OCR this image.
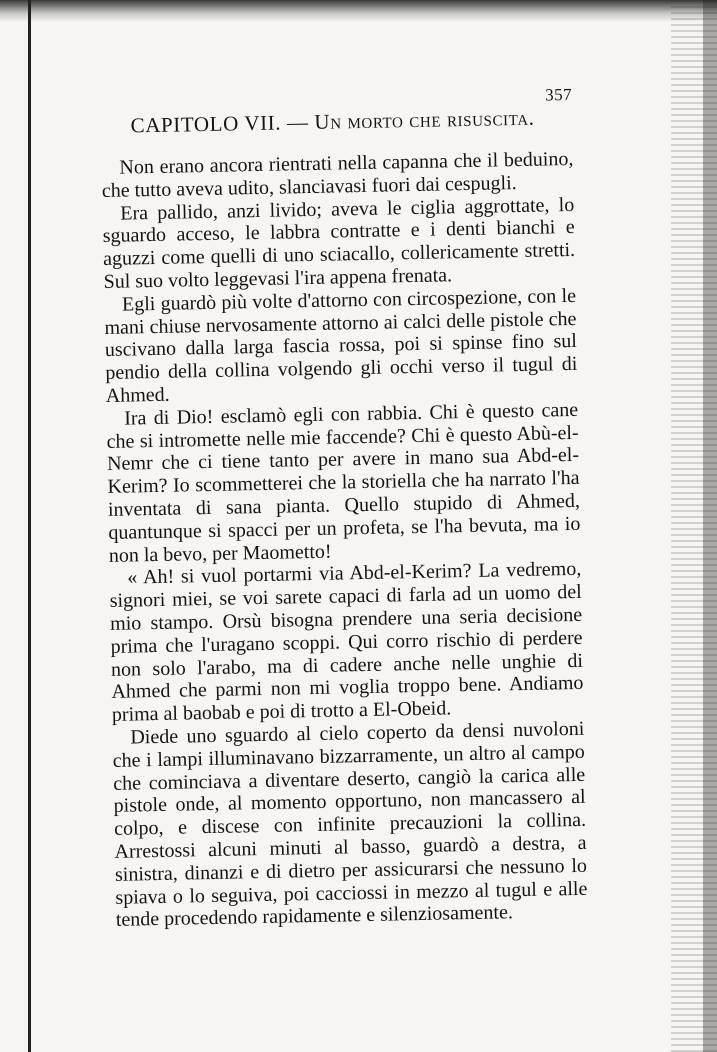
357
CAPITOLO VII. — Un morto che risuscita.

Non erano ancora rientrati nella capanna che il beduino, che tutto aveva udito, slanciavasi fuori dai cespugli.

Era pallido, anzi livido; aveva le ciglia aggrottate, lo sguardo acceso, le labbra contratte e i denti bianchi e aguzzi come quelli di uno sciacallo, collericamente stretti. Sul suo volto leggevasi l'ira appena frenata.

Egli guardò più volte d'attorno con circospezione, con le mani chiuse nervosamente attorno ai calci delle pistole che uscivano dalla larga fascia rossa, poi si spinse fino sul pendio della collina volgendo gli occhi verso il tugul di Ahmed.

Ira di Dio! esclamò egli con rabbia. Chi è questo cane che si intromette nelle mie faccende? Chi è questo Abù-el-Nemr che ci tiene tanto per avere in mano sua Abd-el-Kerim? Io scommetterei che la storiella che ha narrato l'ha inventata di sana pianta. Quello stupido di Ahmed, quantunque si spacci per un profeta, se l'ha bevuta, ma io non la bevo, per Maometto!

« Ah! si vuol portarmi via Abd-el-Kerim? La vedremo, signori miei, se voi sarete capaci di farla ad un uomo del mio stampo. Orsù bisogna prendere una seria decisione prima che l'uragano scoppi. Qui corro rischio di perdere non solo l'arabo, ma di cadere anche nelle unghie di Ahmed che parmi non mi voglia troppo bene. Andiamo prima al baobab e poi di trotto a El-Obeid.

Diede uno sguardo al cielo coperto da densi nuvoloni che i lampi illuminavano bizzarramente, un altro al campo che cominciava a diventare deserto, cangiò la carica alle pistole onde, al momento opportuno, non mancassero al colpo, e discese con infinite precauzioni la collina. Arrestossi alcuni minuti al basso, guardò a destra, a sinistra, dinanzi e di dietro per assicurarsi che nessuno lo spiava o lo seguiva, poi cacciossi in mezzo al tugul e alle tende procedendo rapidamente e silenziosamente.
